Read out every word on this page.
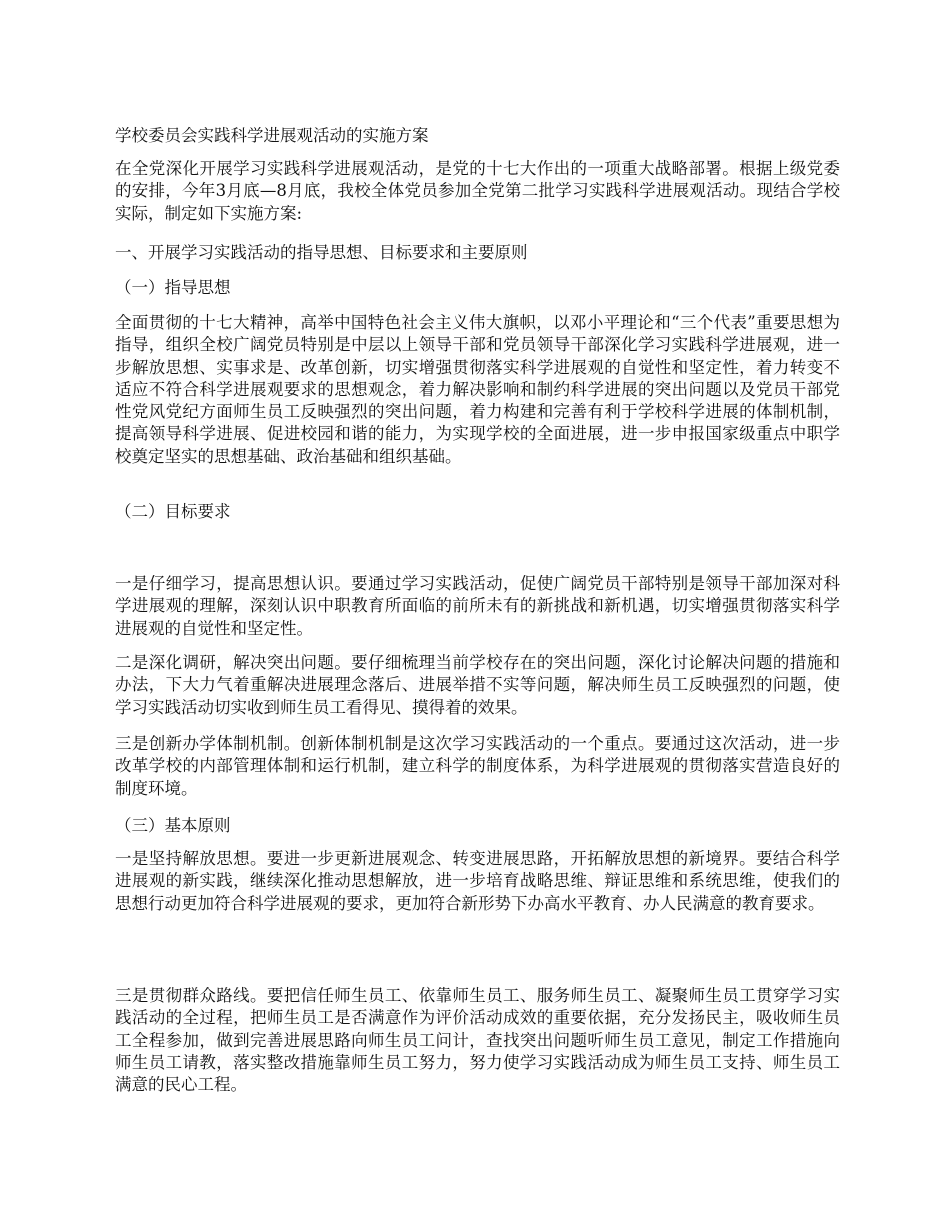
学校委员会实践科学进展观活动的实施方案
在全党深化开展学习实践科学进展观活动，是党的十七大作出的一项重大战略部署。根据上级党委的安排，今年3月底—8月底，我校全体党员参加全党第二批学习实践科学进展观活动。现结合学校实际，制定如下实施方案:
一、开展学习实践活动的指导思想、目标要求和主要原则
（一）指导思想
全面贯彻的十七大精神，高举中国特色社会主义伟大旗帜，以邓小平理论和“三个代表”重要思想为指导，组织全校广阔党员特别是中层以上领导干部和党员领导干部深化学习实践科学进展观，进一步解放思想、实事求是、改革创新，切实增强贯彻落实科学进展观的自觉性和坚定性，着力转变不适应不符合科学进展观要求的思想观念，着力解决影响和制约科学进展的突出问题以及党员干部党性党风党纪方面师生员工反映强烈的突出问题，着力构建和完善有利于学校科学进展的体制机制，提高领导科学进展、促进校园和谐的能力，为实现学校的全面进展，进一步申报国家级重点中职学校奠定坚实的思想基础、政治基础和组织基础。
（二）目标要求
一是仔细学习，提高思想认识。要通过学习实践活动，促使广阔党员干部特别是领导干部加深对科学进展观的理解，深刻认识中职教育所面临的前所未有的新挑战和新机遇，切实增强贯彻落实科学进展观的自觉性和坚定性。
二是深化调研，解决突出问题。要仔细梳理当前学校存在的突出问题，深化讨论解决问题的措施和办法，下大力气着重解决进展理念落后、进展举措不实等问题，解决师生员工反映强烈的问题，使学习实践活动切实收到师生员工看得见、摸得着的效果。
三是创新办学体制机制。创新体制机制是这次学习实践活动的一个重点。要通过这次活动，进一步改革学校的内部管理体制和运行机制，建立科学的制度体系，为科学进展观的贯彻落实营造良好的制度环境。
（三）基本原则
一是坚持解放思想。要进一步更新进展观念、转变进展思路，开拓解放思想的新境界。要结合科学进展观的新实践，继续深化推动思想解放，进一步培育战略思维、辩证思维和系统思维，使我们的思想行动更加符合科学进展观的要求，更加符合新形势下办高水平教育、办人民满意的教育要求。
三是贯彻群众路线。要把信任师生员工、依靠师生员工、服务师生员工、凝聚师生员工贯穿学习实践活动的全过程，把师生员工是否满意作为评价活动成效的重要依据，充分发扬民主，吸收师生员工全程参加，做到完善进展思路向师生员工问计，查找突出问题听师生员工意见，制定工作措施向师生员工请教，落实整改措施靠师生员工努力，努力使学习实践活动成为师生员工支持、师生员工满意的民心工程。
